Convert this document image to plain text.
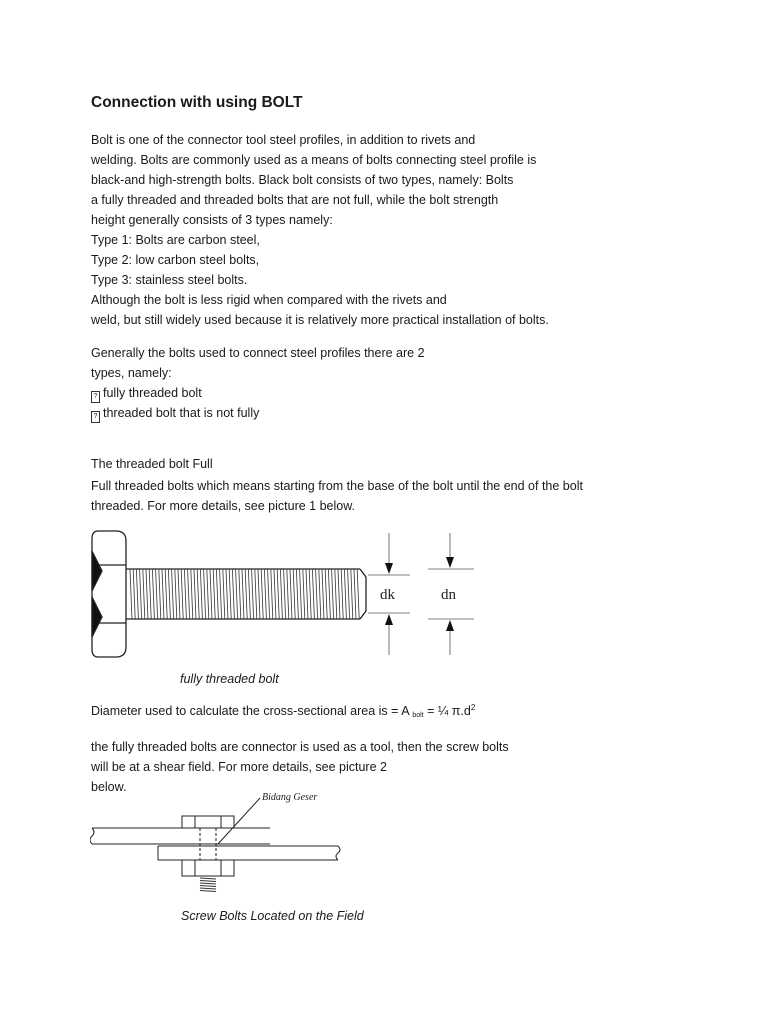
Connection with using BOLT

Bolt is one of the connector tool steel profiles, in addition to rivets and
welding. Bolts are commonly used as a means of bolts connecting steel profile is
black-and high-strength bolts. Black bolt consists of two types, namely: Bolts
a fully threaded and threaded bolts that are not full, while the bolt strength
height generally consists of 3 types namely:
Type 1: Bolts are carbon steel,
Type 2: low carbon steel bolts,
Type 3: stainless steel bolts.
Although the bolt is less rigid when compared with the rivets and
weld, but still widely used because it is relatively more practical installation of bolts.

Generally the bolts used to connect steel profiles there are 2
types, namely:
? fully threaded bolt
? threaded bolt that is not fully

The threaded bolt Full

Full threaded bolts which means starting from the base of the bolt until the end of the bolt
threaded. For more details, see picture 1 below.

dk	dn
fully threaded bolt
Diameter used to calculate the cross-sectional area is = A $_{bolt}$ = ¼ $\pi.d^2$

the fully threaded bolts are connector is used as a tool, then the screw bolts
will be at a shear field. For more details, see picture 2
below.

Bidang Geser
Screw Bolts Located on the Field
